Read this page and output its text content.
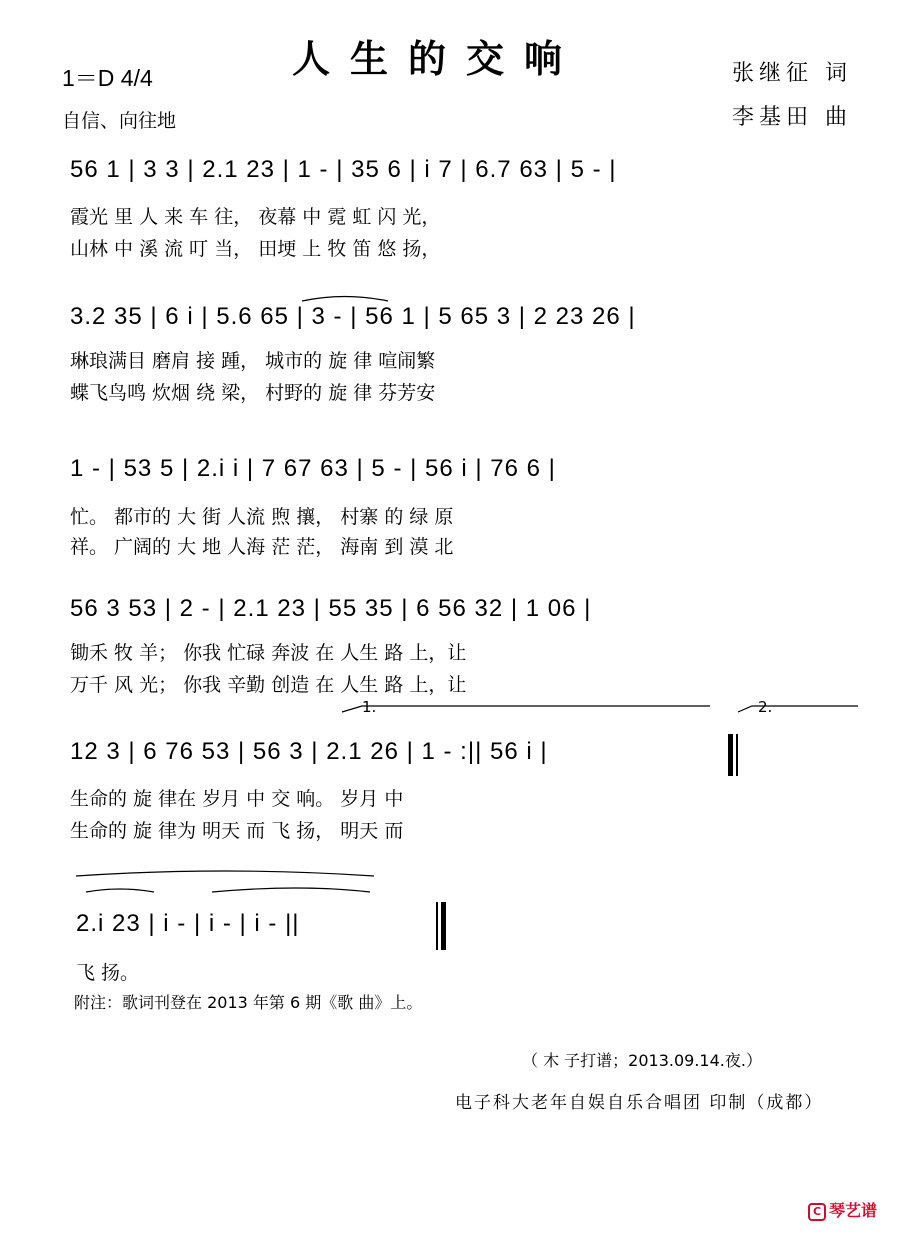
人生的交响
1＝D 4/4
自信、向往地
张继征 词
李基田 曲
56 1 | 3 3 | 2.1 23 | 1 - | 35 6 | i 7 | 6.7 63 | 5 - |
霞光 里 人 来 车 往， 夜幕 中 霓 虹 闪 光，
山林 中 溪 流 叮 当， 田埂 上 牧 笛 悠 扬，
3.2 35 | 6 i | 5.6 65 | 3 - | 56 1 | 5 65 3 | 2 23 26 |
琳琅满目 磨肩 接 踵， 城市的 旋 律 喧闹繁
蝶飞鸟鸣 炊烟 绕 梁， 村野的 旋 律 芬芳安
1 - | 53 5 | 2.i i | 7 67 63 | 5 - | 56 i | 76 6 |
忙。 都市的 大 街 人流 煦 攘， 村寨 的 绿 原
祥。 广阔的 大 地 人海 茫 茫， 海南 到 漠 北
56 3 53 | 2 - | 2.1 23 | 55 35 | 6 56 32 | 1 06 |
锄禾 牧 羊； 你我 忙碌 奔波 在 人生 路 上，让
万千 风 光； 你我 辛勤 创造 在 人生 路 上，让
1.	2.
12 3 | 6 76 53 | 56 3 | 2.1 26 | 1 - :|| 56 i |
生命的 旋 律在 岁月 中 交 响。 岁月 中
生命的 旋 律为 明天 而 飞 扬， 明天 而
2.i 23 | i - | i - | i - ||
飞 扬。
附注：歌词刊登在 2013 年第 6 期《歌 曲》上。
（ 木 子打谱；2013.09.14.夜.）
电子科大老年自娱自乐合唱团 印制（成都）
C 琴艺谱
